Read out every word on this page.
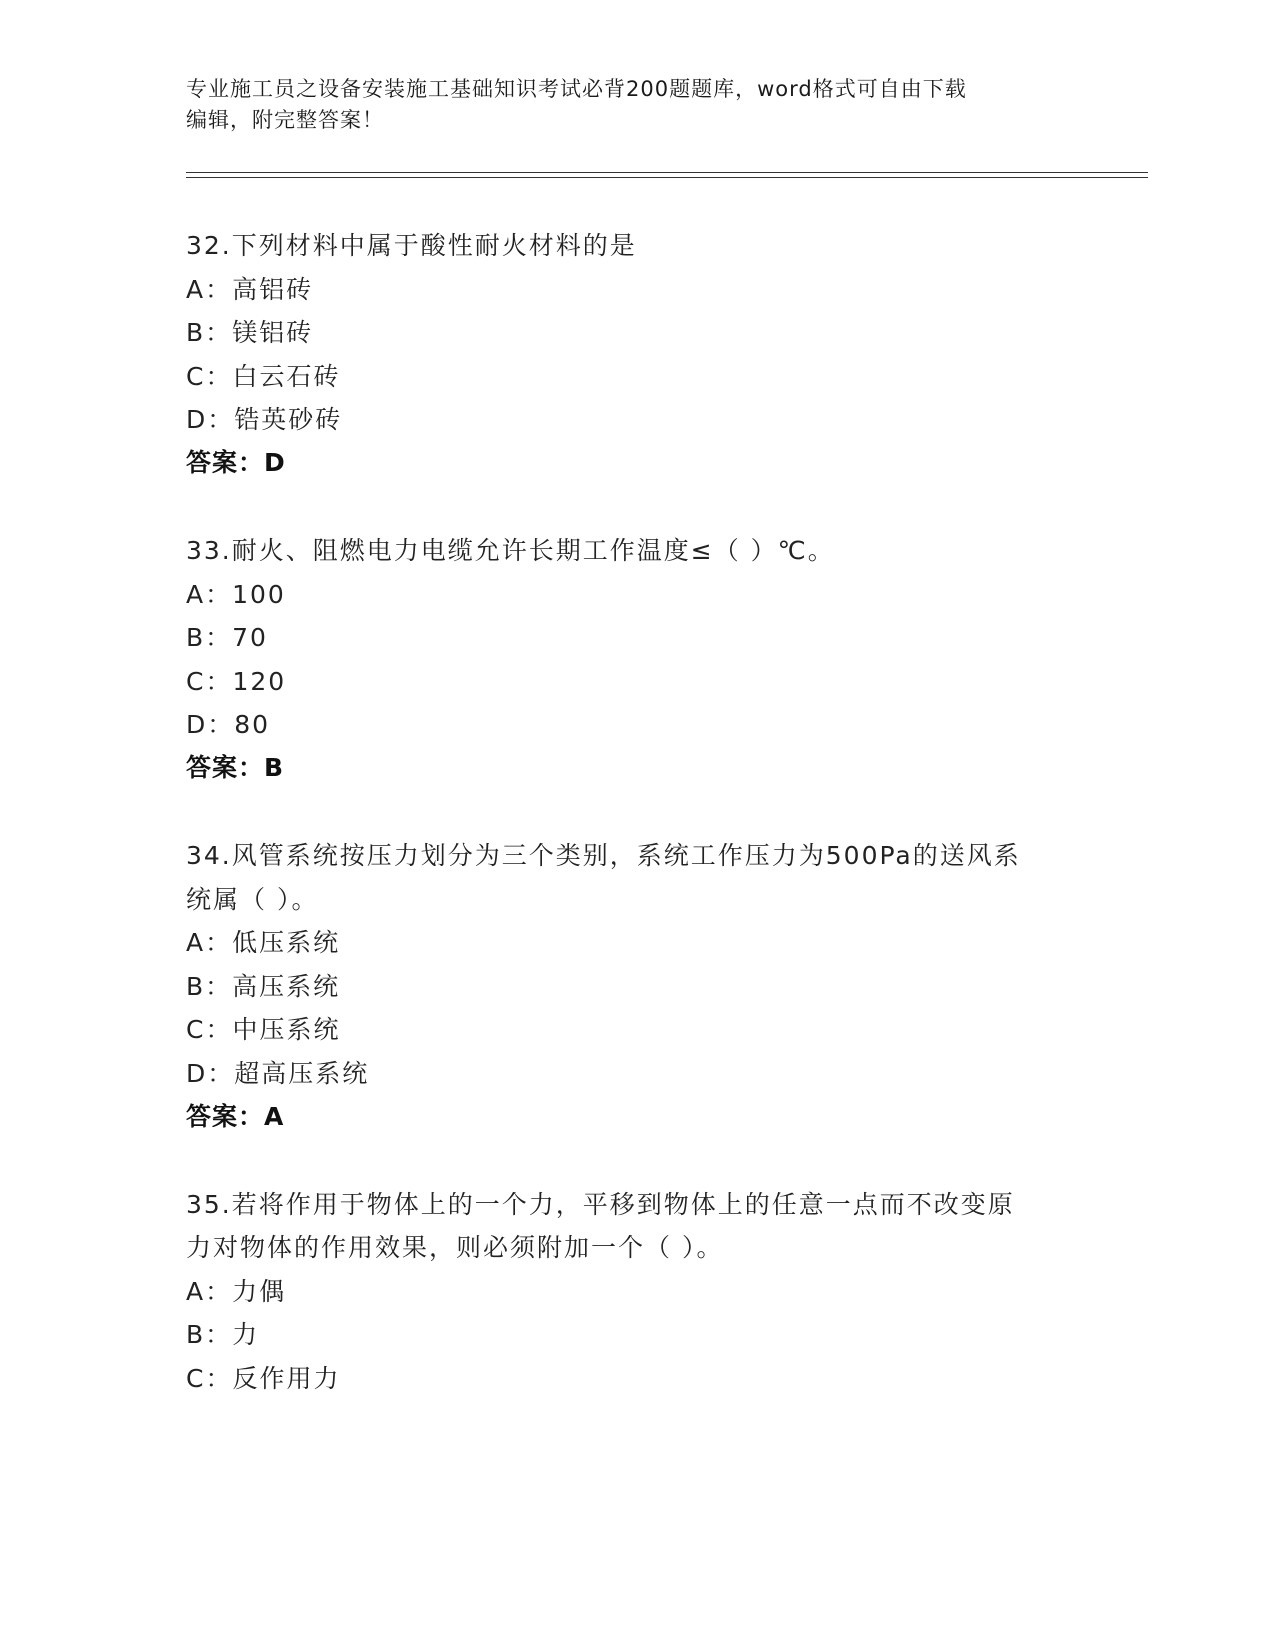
专业施工员之设备安装施工基础知识考试必背200题题库，word格式可自由下载
编辑，附完整答案！
32.下列材料中属于酸性耐火材料的是
A：高铝砖
B：镁铝砖
C：白云石砖
D：锆英砂砖
答案：D
33.耐火、阻燃电力电缆允许长期工作温度≤（ ）℃。
A：100
B：70
C：120
D：80
答案：B
34.风管系统按压力划分为三个类别，系统工作压力为500Pa的送风系
统属（ ）。
A：低压系统
B：高压系统
C：中压系统
D：超高压系统
答案：A
35.若将作用于物体上的一个力，平移到物体上的任意一点而不改变原
力对物体的作用效果，则必须附加一个（ ）。
A：力偶
B：力
C：反作用力
